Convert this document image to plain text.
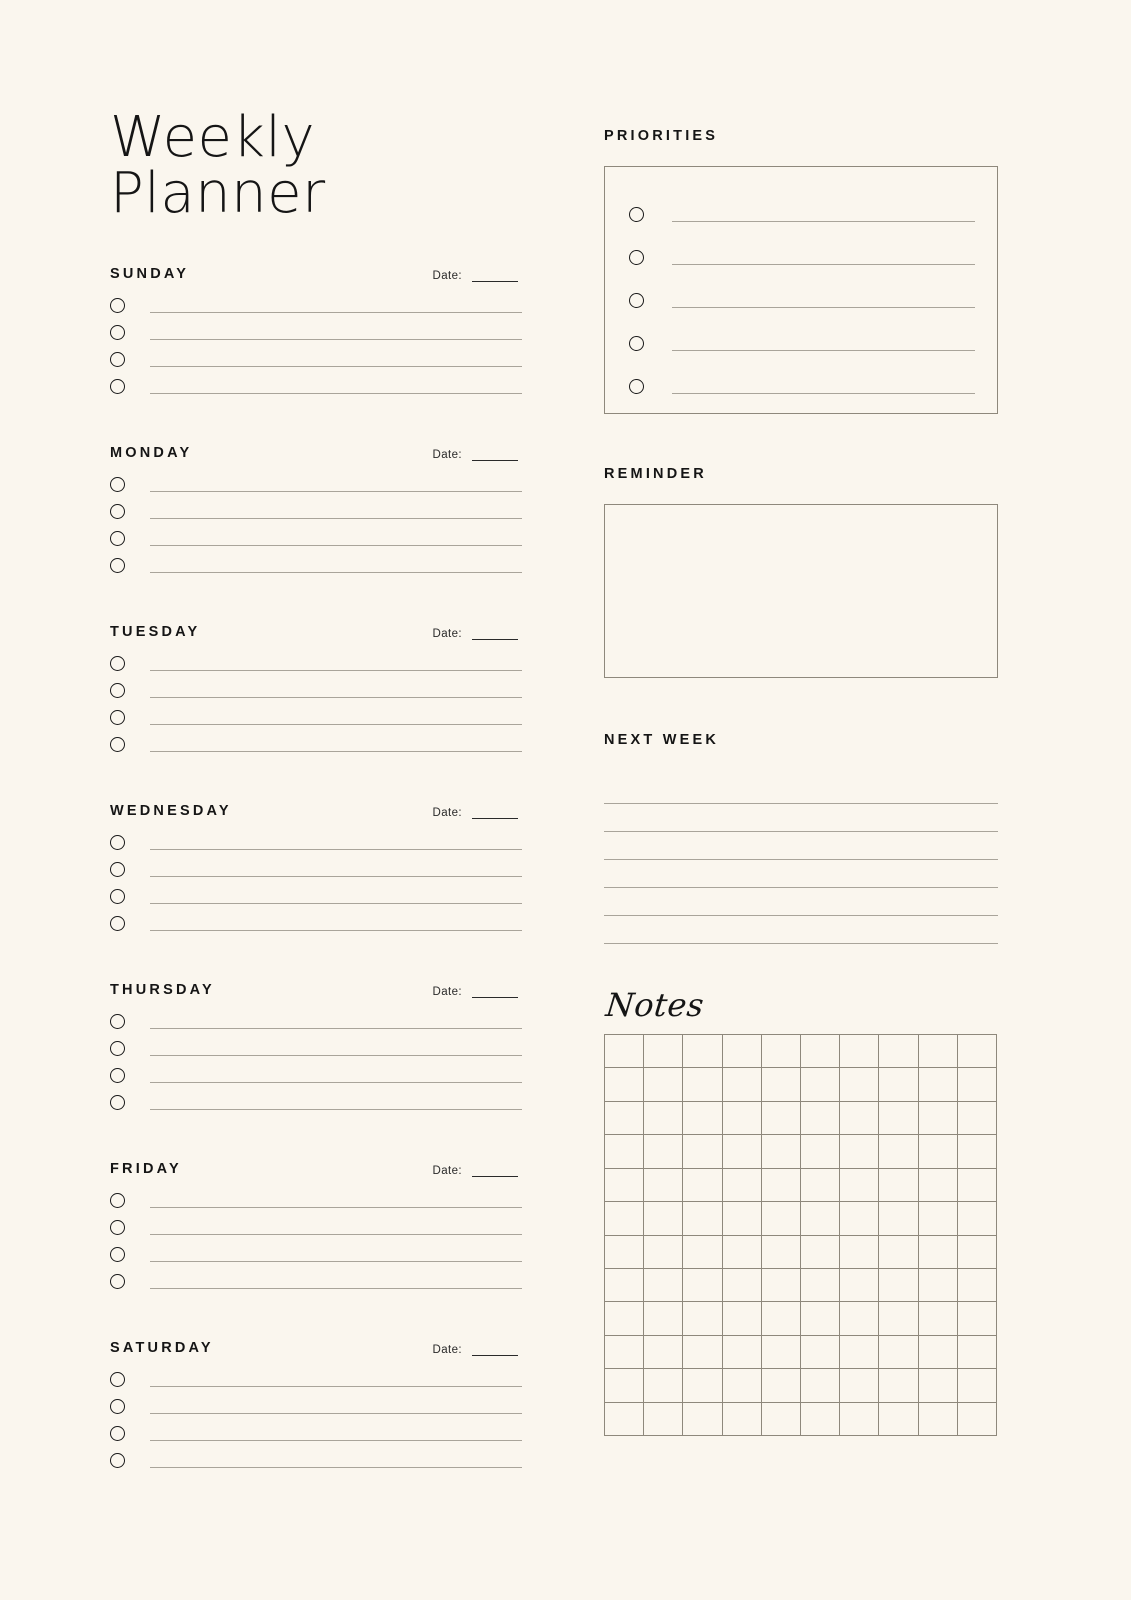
Weekly Planner
SUNDAY	Date:
MONDAY	Date:
TUESDAY	Date:
WEDNESDAY	Date:
THURSDAY	Date:
FRIDAY	Date:
SATURDAY	Date:
PRIORITIES
REMINDER
NEXT WEEK
Notes
